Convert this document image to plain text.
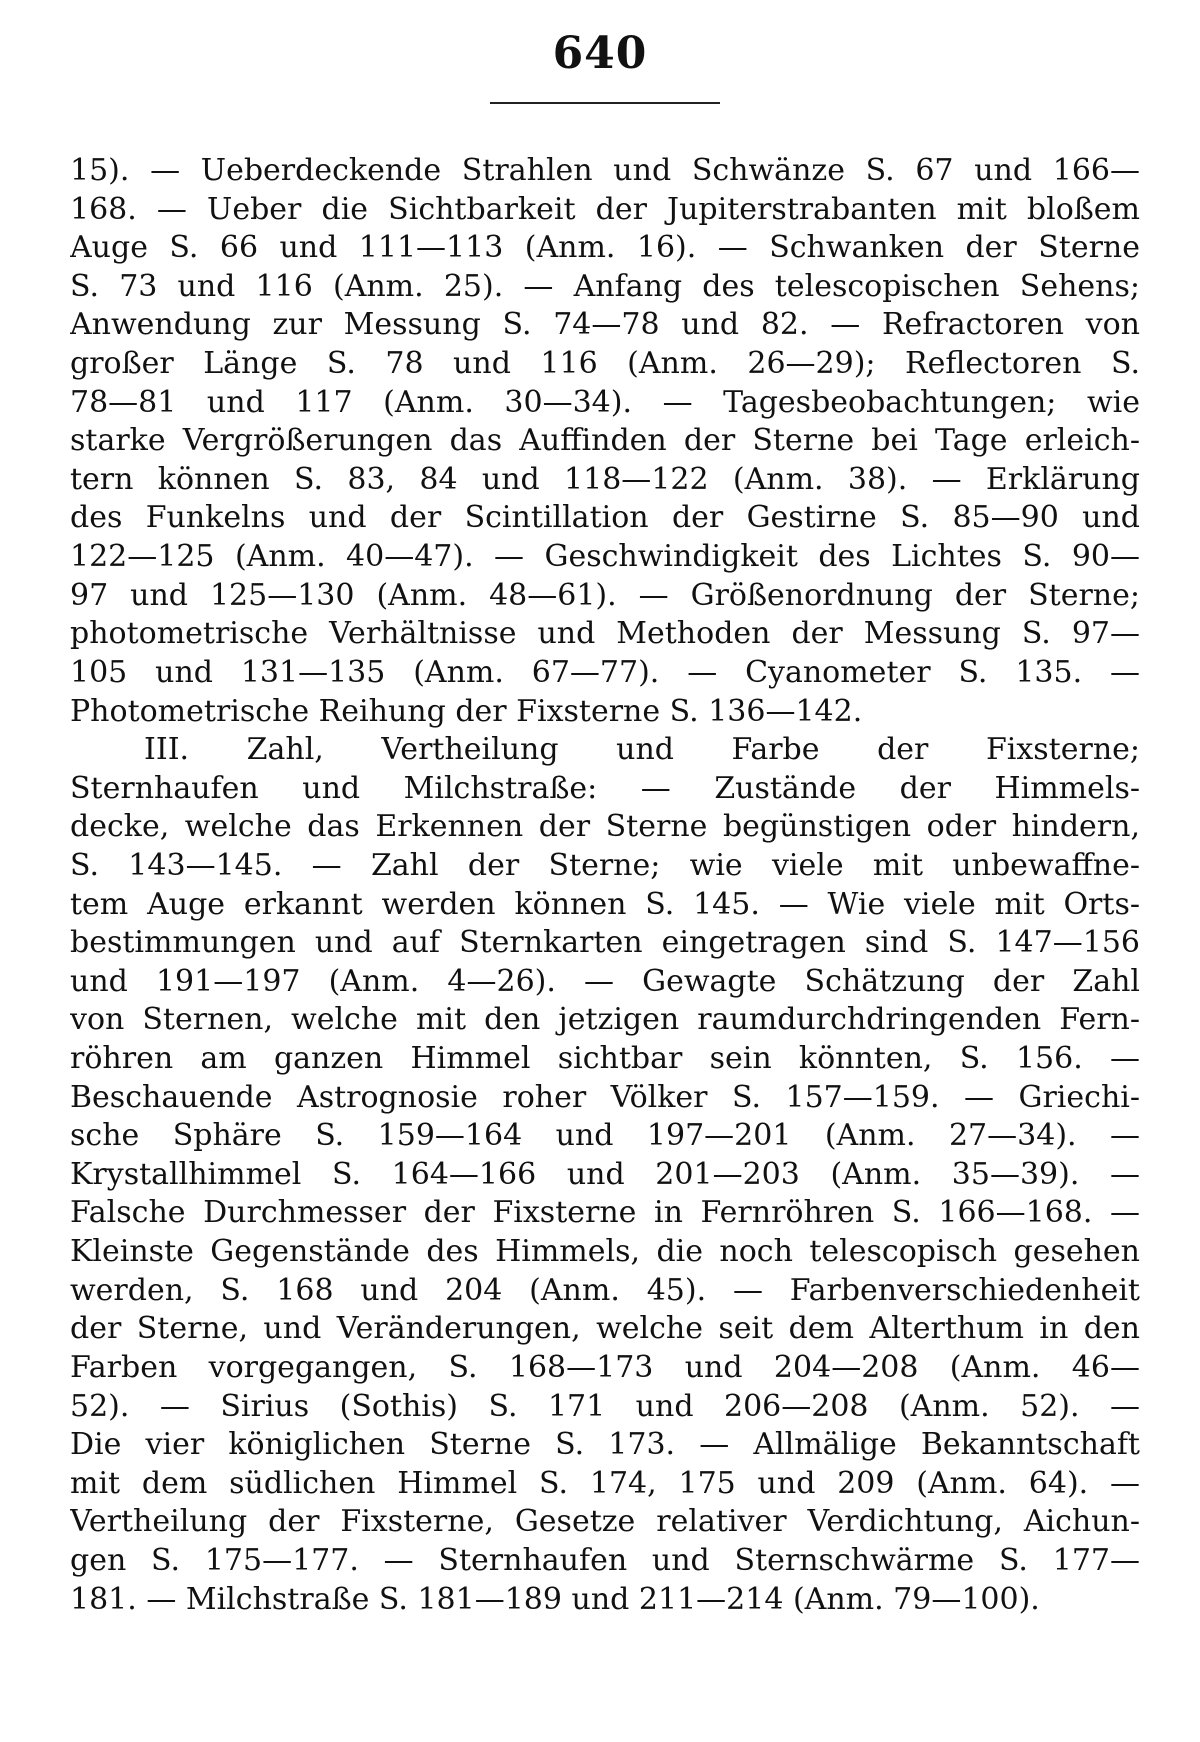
640
15). — Ueberdeckende Strahlen und Schwänze S. 67 und 166—
168. — Ueber die Sichtbarkeit der Jupiterstrabanten mit bloßem
Auge S. 66 und 111—113 (Anm. 16). — Schwanken der Sterne
S. 73 und 116 (Anm. 25). — Anfang des telescopischen Sehens;
Anwendung zur Messung S. 74—78 und 82. — Refractoren von
großer Länge S. 78 und 116 (Anm. 26—29); Reflectoren S.
78—81 und 117 (Anm. 30—34). — Tagesbeobachtungen; wie
starke Vergrößerungen das Auffinden der Sterne bei Tage erleich-
tern können S. 83, 84 und 118—122 (Anm. 38). — Erklärung
des Funkelns und der Scintillation der Gestirne S. 85—90 und
122—125 (Anm. 40—47). — Geschwindigkeit des Lichtes S. 90—
97 und 125—130 (Anm. 48—61). — Größenordnung der Sterne;
photometrische Verhältnisse und Methoden der Messung S. 97—
105 und 131—135 (Anm. 67—77). — Cyanometer S. 135. —
Photometrische Reihung der Fixsterne S. 136—142.
III. Zahl, Vertheilung und Farbe der Fixsterne;
Sternhaufen und Milchstraße: — Zustände der Himmels-
decke, welche das Erkennen der Sterne begünstigen oder hindern,
S. 143—145. — Zahl der Sterne; wie viele mit unbewaffne-
tem Auge erkannt werden können S. 145. — Wie viele mit Orts-
bestimmungen und auf Sternkarten eingetragen sind S. 147—156
und 191—197 (Anm. 4—26). — Gewagte Schätzung der Zahl
von Sternen, welche mit den jetzigen raumdurchdringenden Fern-
röhren am ganzen Himmel sichtbar sein könnten, S. 156. —
Beschauende Astrognosie roher Völker S. 157—159. — Griechi-
sche Sphäre S. 159—164 und 197—201 (Anm. 27—34). —
Krystallhimmel S. 164—166 und 201—203 (Anm. 35—39). —
Falsche Durchmesser der Fixsterne in Fernröhren S. 166—168. —
Kleinste Gegenstände des Himmels, die noch telescopisch gesehen
werden, S. 168 und 204 (Anm. 45). — Farbenverschiedenheit
der Sterne, und Veränderungen, welche seit dem Alterthum in den
Farben vorgegangen, S. 168—173 und 204—208 (Anm. 46—
52). — Sirius (Sothis) S. 171 und 206—208 (Anm. 52). —
Die vier königlichen Sterne S. 173. — Allmälige Bekanntschaft
mit dem südlichen Himmel S. 174, 175 und 209 (Anm. 64). —
Vertheilung der Fixsterne, Gesetze relativer Verdichtung, Aichun-
gen S. 175—177. — Sternhaufen und Sternschwärme S. 177—
181. — Milchstraße S. 181—189 und 211—214 (Anm. 79—100).
